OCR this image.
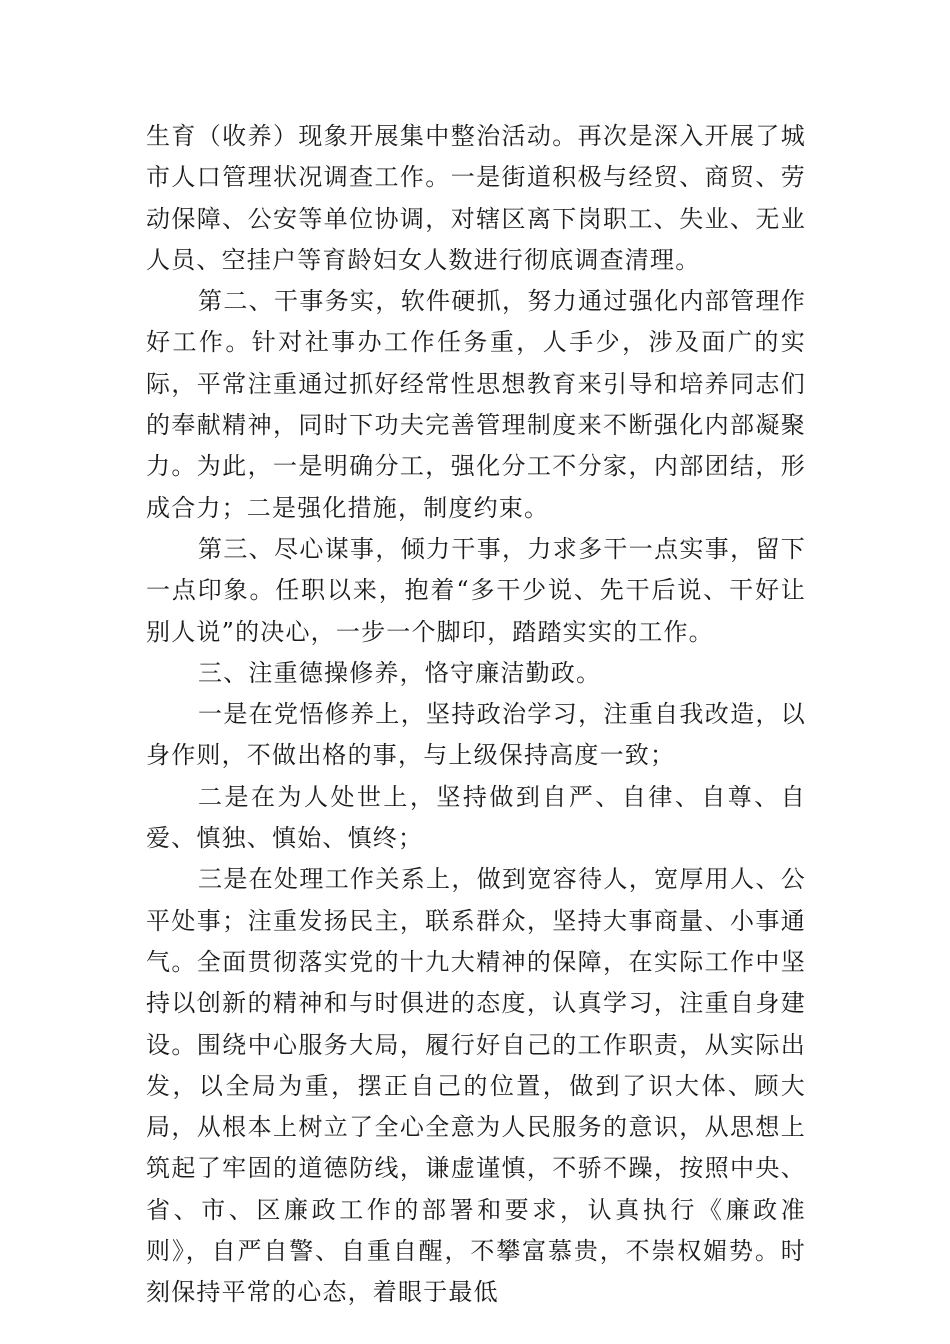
生育（收养）现象开展集中整治活动。再次是深入开展了城市人口管理状况调查工作。一是街道积极与经贸、商贸、劳动保障、公安等单位协调，对辖区离下岗职工、失业、无业人员、空挂户等育龄妇女人数进行彻底调查清理。

第二、干事务实，软件硬抓，努力通过强化内部管理作好工作。针对社事办工作任务重，人手少，涉及面广的实际，平常注重通过抓好经常性思想教育来引导和培养同志们的奉献精神，同时下功夫完善管理制度来不断强化内部凝聚力。为此，一是明确分工，强化分工不分家，内部团结，形成合力；二是强化措施，制度约束。

第三、尽心谋事，倾力干事，力求多干一点实事，留下一点印象。任职以来，抱着“多干少说、先干后说、干好让别人说”的决心，一步一个脚印，踏踏实实的工作。

三、注重德操修养，恪守廉洁勤政。

一是在党悟修养上，坚持政治学习，注重自我改造，以身作则，不做出格的事，与上级保持高度一致；

二是在为人处世上，坚持做到自严、自律、自尊、自爱、慎独、慎始、慎终；

三是在处理工作关系上，做到宽容待人，宽厚用人、公平处事；注重发扬民主，联系群众，坚持大事商量、小事通气。全面贯彻落实党的十九大精神的保障，在实际工作中坚持以创新的精神和与时俱进的态度，认真学习，注重自身建设。围绕中心服务大局，履行好自己的工作职责，从实际出发，以全局为重，摆正自己的位置，做到了识大体、顾大局，从根本上树立了全心全意为人民服务的意识，从思想上筑起了牢固的道德防线，谦虚谨慎，不骄不躁，按照中央、省、市、区廉政工作的部署和要求，认真执行《廉政准则》，自严自警、自重自醒，不攀富慕贵，不崇权媚势。时刻保持平常的心态，着眼于最低
